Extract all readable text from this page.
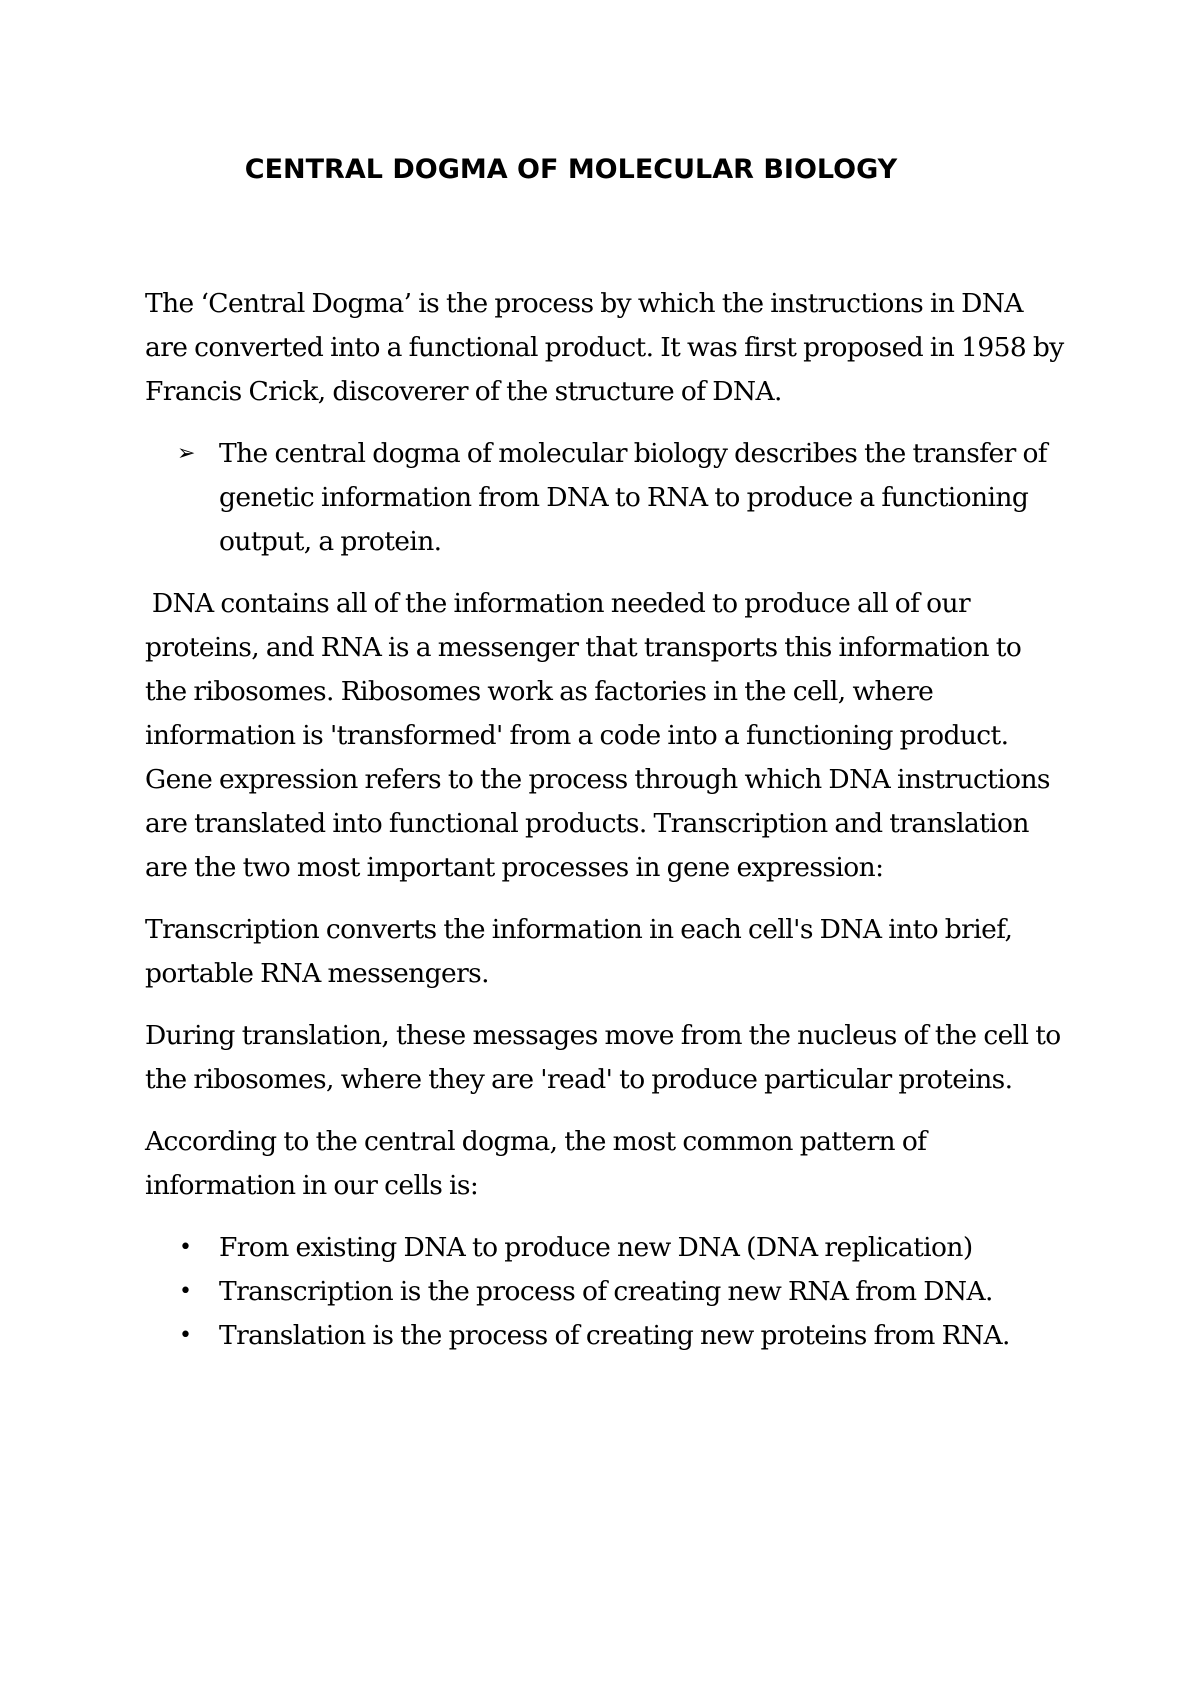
CENTRAL DOGMA OF MOLECULAR BIOLOGY

The ‘Central Dogma’ is the process by which the instructions in DNA are converted into a functional product. It was first proposed in 1958 by Francis Crick, discoverer of the structure of DNA.

➢ The central dogma of molecular biology describes the transfer of genetic information from DNA to RNA to produce a functioning output, a protein.

DNA contains all of the information needed to produce all of our proteins, and RNA is a messenger that transports this information to the ribosomes. Ribosomes work as factories in the cell, where information is 'transformed' from a code into a functioning product. Gene expression refers to the process through which DNA instructions are translated into functional products. Transcription and translation are the two most important processes in gene expression:

Transcription converts the information in each cell's DNA into brief, portable RNA messengers.

During translation, these messages move from the nucleus of the cell to the ribosomes, where they are 'read' to produce particular proteins.

According to the central dogma, the most common pattern of information in our cells is:

• From existing DNA to produce new DNA (DNA replication)
• Transcription is the process of creating new RNA from DNA.
• Translation is the process of creating new proteins from RNA.
